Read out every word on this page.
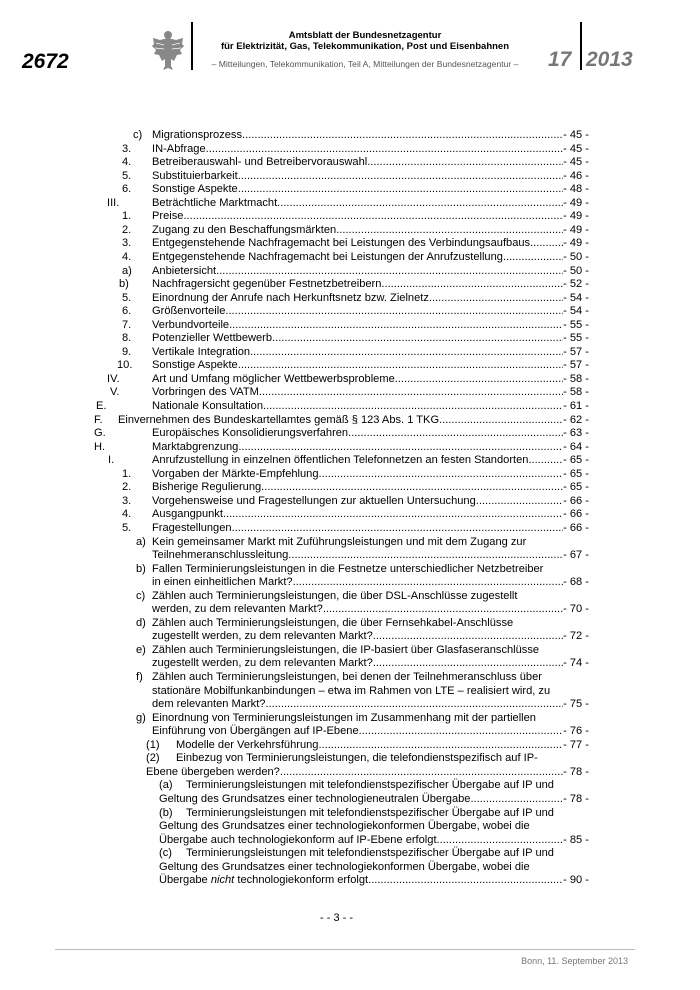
2672
Amtsblatt der Bundesnetzagentur
für Elektrizität, Gas, Telekommunikation, Post und Eisenbahnen
– Mitteilungen, Telekommunikation, Teil A, Mitteilungen der Bundesnetzagentur –	17 2013
c) Migrationsprozess .....	- 45 -
3. IN-Abfrage .....	- 45 -
4. Betreiberauswahl- und Betreibervorauswahl .....	- 45 -
5. Substituierbarkeit .....	- 46 -
6. Sonstige Aspekte .....	- 48 -
III.	Beträchtliche Marktmacht .....	- 49 -
1. Preise .....	- 49 -
2. Zugang zu den Beschaffungsmärkten .....	- 49 -
3. Entgegenstehende Nachfragemacht bei Leistungen des Verbindungsaufbaus .....	- 49 -
4. Entgegenstehende Nachfragemacht bei Leistungen der Anrufzustellung .....	- 50 -
a) Anbietersicht .....	- 50 -
b) Nachfragersicht gegenüber Festnetzbetreibern .....	- 52 -
5. Einordnung der Anrufe nach Herkunftsnetz bzw. Zielnetz .....	- 54 -
6. Größenvorteile .....	- 54 -
7. Verbundvorteile .....	- 55 -
8. Potenzieller Wettbewerb .....	- 55 -
9. Vertikale Integration .....	- 57 -
10. Sonstige Aspekte .....	- 57 -
IV.	Art und Umfang möglicher Wettbewerbsprobleme .....	- 58 -
V.	Vorbringen des VATM .....	- 58 -
E.	Nationale Konsultation .....	- 61 -
F. Einvernehmen des Bundeskartellamtes gemäß § 123 Abs. 1 TKG .....	- 62 -
G.	Europäisches Konsolidierungsverfahren .....	- 63 -
H.	Marktabgrenzung .....	- 64 -
I.	Anrufzustellung in einzelnen öffentlichen Telefonnetzen an festen Standorten .....	- 65 -
1. Vorgaben der Märkte-Empfehlung .....	- 65 -
2. Bisherige Regulierung .....	- 65 -
3. Vorgehensweise und Fragestellungen zur aktuellen Untersuchung .....	- 66 -
4. Ausgangpunkt .....	- 66 -
5. Fragestellungen .....	- 66 -
a) Kein gemeinsamer Markt mit Zuführungsleistungen und mit dem Zugang zur
Teilnehmeranschlussleitung .....	- 67 -
b) Fallen Terminierungsleistungen in die Festnetze unterschiedlicher Netzbetreiber
in einen einheitlichen Markt? .....	- 68 -
c) Zählen auch Terminierungsleistungen, die über DSL-Anschlüsse zugestellt
werden, zu dem relevanten Markt? .....	- 70 -
d) Zählen auch Terminierungsleistungen, die über Fernsehkabel-Anschlüsse
zugestellt werden, zu dem relevanten Markt? .....	- 72 -
e) Zählen auch Terminierungsleistungen, die IP-basiert über Glasfaseranschlüsse
zugestellt werden, zu dem relevanten Markt? .....	- 74 -
f) Zählen auch Terminierungsleistungen, bei denen der Teilnehmeranschluss über
stationäre Mobilfunkanbindungen – etwa im Rahmen von LTE – realisiert wird, zu
dem relevanten Markt? .....	- 75 -
g) Einordnung von Terminierungsleistungen im Zusammenhang mit der partiellen
Einführung von Übergängen auf IP-Ebene. .....	- 76 -
(1) Modelle der Verkehrsführung .....	- 77 -
(2) Einbezug von Terminierungsleistungen, die telefondienstspezifisch auf IP-
Ebene übergeben werden? .....	- 78 -
(a) Terminierungsleistungen mit telefondienstspezifischer Übergabe auf IP und
Geltung des Grundsatzes einer technologieneutralen Übergabe .....	- 78 -
(b) Terminierungsleistungen mit telefondienstspezifischer Übergabe auf IP und
Geltung des Grundsatzes einer technologiekonformen Übergabe, wobei die
Übergabe auch technologiekonform auf IP-Ebene erfolgt. .....	- 85 -
(c) Terminierungsleistungen mit telefondienstspezifischer Übergabe auf IP und
Geltung des Grundsatzes einer technologiekonformen Übergabe, wobei die
Übergabe
nicht
technologiekonform erfolgt. .....	- 90 -
- - 3 - -
Bonn, 11. September 2013
